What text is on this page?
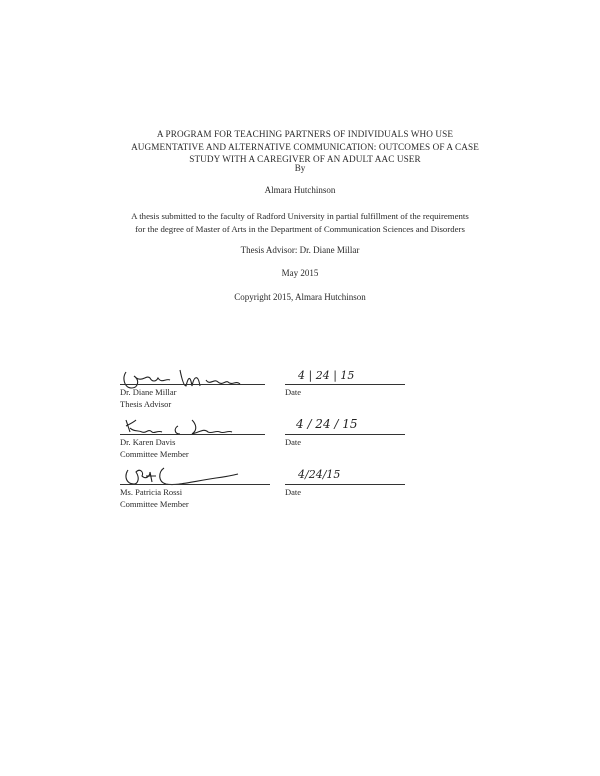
A PROGRAM FOR TEACHING PARTNERS OF INDIVIDUALS WHO USE
AUGMENTATIVE AND ALTERNATIVE COMMUNICATION: OUTCOMES OF A CASE
STUDY WITH A CAREGIVER OF AN ADULT AAC USER
By
Almara Hutchinson
A thesis submitted to the faculty of Radford University in partial fulfillment of the requirements
for the degree of Master of Arts in the Department of Communication Sciences and Disorders
Thesis Advisor: Dr. Diane Millar
May 2015
Copyright 2015, Almara Hutchinson
Dr. Diane Millar
Thesis Advisor
4 | 24 | 15
Date
Dr. Karen Davis
Committee Member
4 / 24 / 15
Date
Ms. Patricia Rossi
Committee Member
4/24/15
Date
